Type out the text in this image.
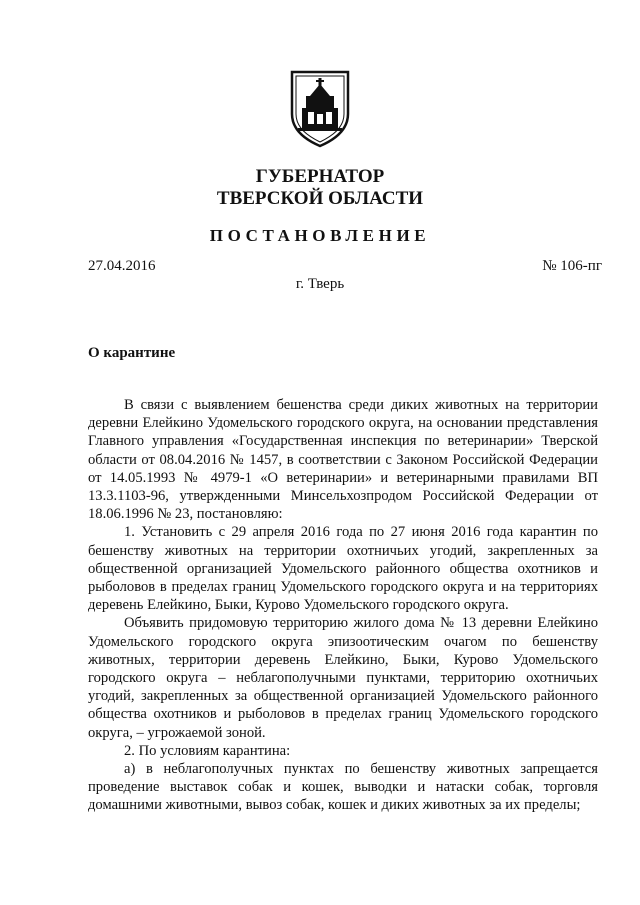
ГУБЕРНАТОР
ТВЕРСКОЙ ОБЛАСТИ
ПОСТАНОВЛЕНИЕ
27.04.2016	№ 106-пг
г. Тверь
О карантине

В связи с выявлением бешенства среди диких животных на территории деревни Елейкино Удомельского городского округа, на основании представления Главного управления «Государственная инспекция по ветеринарии» Тверской области от 08.04.2016 № 1457, в соответствии с Законом Российской Федерации от 14.05.1993 № 4979-1 «О ветеринарии» и ветеринарными правилами ВП 13.3.1103-96, утвержденными Минсельхозпродом Российской Федерации от 18.06.1996 № 23, постановляю:

1. Установить с 29 апреля 2016 года по 27 июня 2016 года карантин по бешенству животных на территории охотничьих угодий, закрепленных за общественной организацией Удомельского районного общества охотников и рыболовов в пределах границ Удомельского городского округа и на территориях деревень Елейкино, Быки, Курово Удомельского городского округа.

Объявить придомовую территорию жилого дома № 13 деревни Елейкино Удомельского городского округа эпизоотическим очагом по бешенству животных, территории деревень Елейкино, Быки, Курово Удомельского городского округа – неблагополучными пунктами, территорию охотничьих угодий, закрепленных за общественной организацией Удомельского районного общества охотников и рыболовов в пределах границ Удомельского городского округа, – угрожаемой зоной.

2. По условиям карантина:

а) в неблагополучных пунктах по бешенству животных запрещается проведение выставок собак и кошек, выводки и натаски собак, торговля домашними животными, вывоз собак, кошек и диких животных за их пределы;
